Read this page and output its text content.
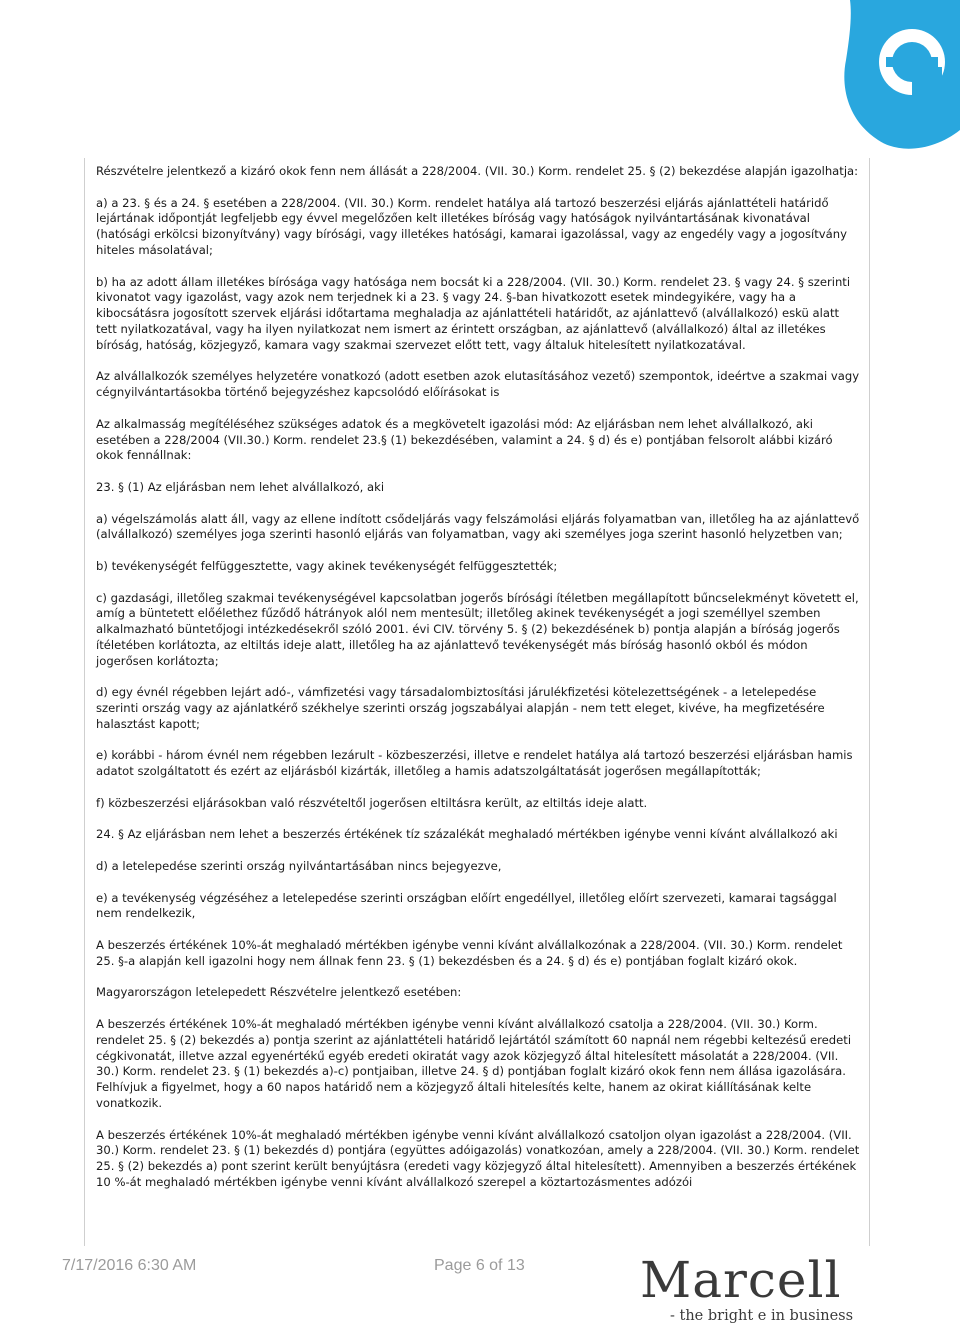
Részvételre jelentkező a kizáró okok fenn nem állását a 228/2004. (VII. 30.) Korm. rendelet 25. § (2) bekezdése alapján igazolhatja:

a) a 23. § és a 24. § esetében a 228/2004. (VII. 30.) Korm. rendelet hatálya alá tartozó beszerzési eljárás ajánlattételi határidő lejártának időpontját legfeljebb egy évvel megelőzően kelt illetékes bíróság vagy hatóságok nyilvántartásának kivonatával (hatósági erkölcsi bizonyítvány) vagy bírósági, vagy illetékes hatósági, kamarai igazolással, vagy az engedély vagy a jogosítvány hiteles másolatával;

b) ha az adott állam illetékes bírósága vagy hatósága nem bocsát ki a 228/2004. (VII. 30.) Korm. rendelet 23. § vagy 24. § szerinti kivonatot vagy igazolást, vagy azok nem terjednek ki a 23. § vagy 24. §-ban hivatkozott esetek mindegyikére, vagy ha a kibocsátásra jogosított szervek eljárási időtartama meghaladja az ajánlattételi határidőt, az ajánlattevő (alvállalkozó) eskü alatt tett nyilatkozatával, vagy ha ilyen nyilatkozat nem ismert az érintett országban, az ajánlattevő (alvállalkozó) által az illetékes bíróság, hatóság, közjegyző, kamara vagy szakmai szervezet előtt tett, vagy általuk hitelesített nyilatkozatával.

Az alvállalkozók személyes helyzetére vonatkozó (adott esetben azok elutasításához vezető) szempontok, ideértve a szakmai vagy cégnyilvántartásokba történő bejegyzéshez kapcsolódó előírásokat is

Az alkalmasság megítéléséhez szükséges adatok és a megkövetelt igazolási mód: Az eljárásban nem lehet alvállalkozó, aki esetében a 228/2004 (VII.30.) Korm. rendelet 23.§ (1) bekezdésében, valamint a 24. § d) és e) pontjában felsorolt alábbi kizáró okok fennállnak:

23. § (1) Az eljárásban nem lehet alvállalkozó, aki

a) végelszámolás alatt áll, vagy az ellene indított csődeljárás vagy felszámolási eljárás folyamatban van, illetőleg ha az ajánlattevő (alvállalkozó) személyes joga szerinti hasonló eljárás van folyamatban, vagy aki személyes joga szerint hasonló helyzetben van;

b) tevékenységét felfüggesztette, vagy akinek tevékenységét felfüggesztették;

c) gazdasági, illetőleg szakmai tevékenységével kapcsolatban jogerős bírósági ítéletben megállapított bűncselekményt követett el, amíg a büntetett előélethez fűződő hátrányok alól nem mentesült; illetőleg akinek tevékenységét a jogi személlyel szemben alkalmazható büntetőjogi intézkedésekről szóló 2001. évi CIV. törvény 5. § (2) bekezdésének b) pontja alapján a bíróság jogerős ítéletében korlátozta, az eltiltás ideje alatt, illetőleg ha az ajánlattevő tevékenységét más bíróság hasonló okból és módon jogerősen korlátozta;

d) egy évnél régebben lejárt adó-, vámfizetési vagy társadalombiztosítási járulékfizetési kötelezettségének - a letelepedése szerinti ország vagy az ajánlatkérő székhelye szerinti ország jogszabályai alapján - nem tett eleget, kivéve, ha megfizetésére halasztást kapott;

e) korábbi - három évnél nem régebben lezárult - közbeszerzési, illetve e rendelet hatálya alá tartozó beszerzési eljárásban hamis adatot szolgáltatott és ezért az eljárásból kizárták, illetőleg a hamis adatszolgáltatását jogerősen megállapították;

f) közbeszerzési eljárásokban való részvételtől jogerősen eltiltásra került, az eltiltás ideje alatt.

24. § Az eljárásban nem lehet a beszerzés értékének tíz százalékát meghaladó mértékben igénybe venni kívánt alvállalkozó aki

d) a letelepedése szerinti ország nyilvántartásában nincs bejegyezve,

e) a tevékenység végzéséhez a letelepedése szerinti országban előírt engedéllyel, illetőleg előírt szervezeti, kamarai tagsággal nem rendelkezik,

A beszerzés értékének 10%-át meghaladó mértékben igénybe venni kívánt alvállalkozónak a 228/2004. (VII. 30.) Korm. rendelet 25. §-a alapján kell igazolni hogy nem állnak fenn 23. § (1) bekezdésben és a 24. § d) és e) pontjában foglalt kizáró okok.

Magyarországon letelepedett Részvételre jelentkező esetében:

A beszerzés értékének 10%-át meghaladó mértékben igénybe venni kívánt alvállalkozó csatolja a 228/2004. (VII. 30.) Korm. rendelet 25. § (2) bekezdés a) pontja szerint az ajánlattételi határidő lejártától számított 60 napnál nem régebbi keltezésű eredeti cégkivonatát, illetve azzal egyenértékű egyéb eredeti okiratát vagy azok közjegyző által hitelesített másolatát a 228/2004. (VII. 30.) Korm. rendelet 23. § (1) bekezdés a)-c) pontjaiban, illetve 24. § d) pontjában foglalt kizáró okok fenn nem állása igazolására. Felhívjuk a figyelmet, hogy a 60 napos határidő nem a közjegyző általi hitelesítés kelte, hanem az okirat kiállításának kelte vonatkozik.

A beszerzés értékének 10%-át meghaladó mértékben igénybe venni kívánt alvállalkozó csatoljon olyan igazolást a 228/2004. (VII. 30.) Korm. rendelet 23. § (1) bekezdés d) pontjára (együttes adóigazolás) vonatkozóan, amely a 228/2004. (VII. 30.) Korm. rendelet 25. § (2) bekezdés a) pont szerint került benyújtásra (eredeti vagy közjegyző által hitelesített). Amennyiben a beszerzés értékének 10 %-át meghaladó mértékben igénybe venni kívánt alvállalkozó szerepel a köztartozásmentes adózói

7/17/2016 6:30 AM	Page 6 of 13 Marcell
- the bright e in business
